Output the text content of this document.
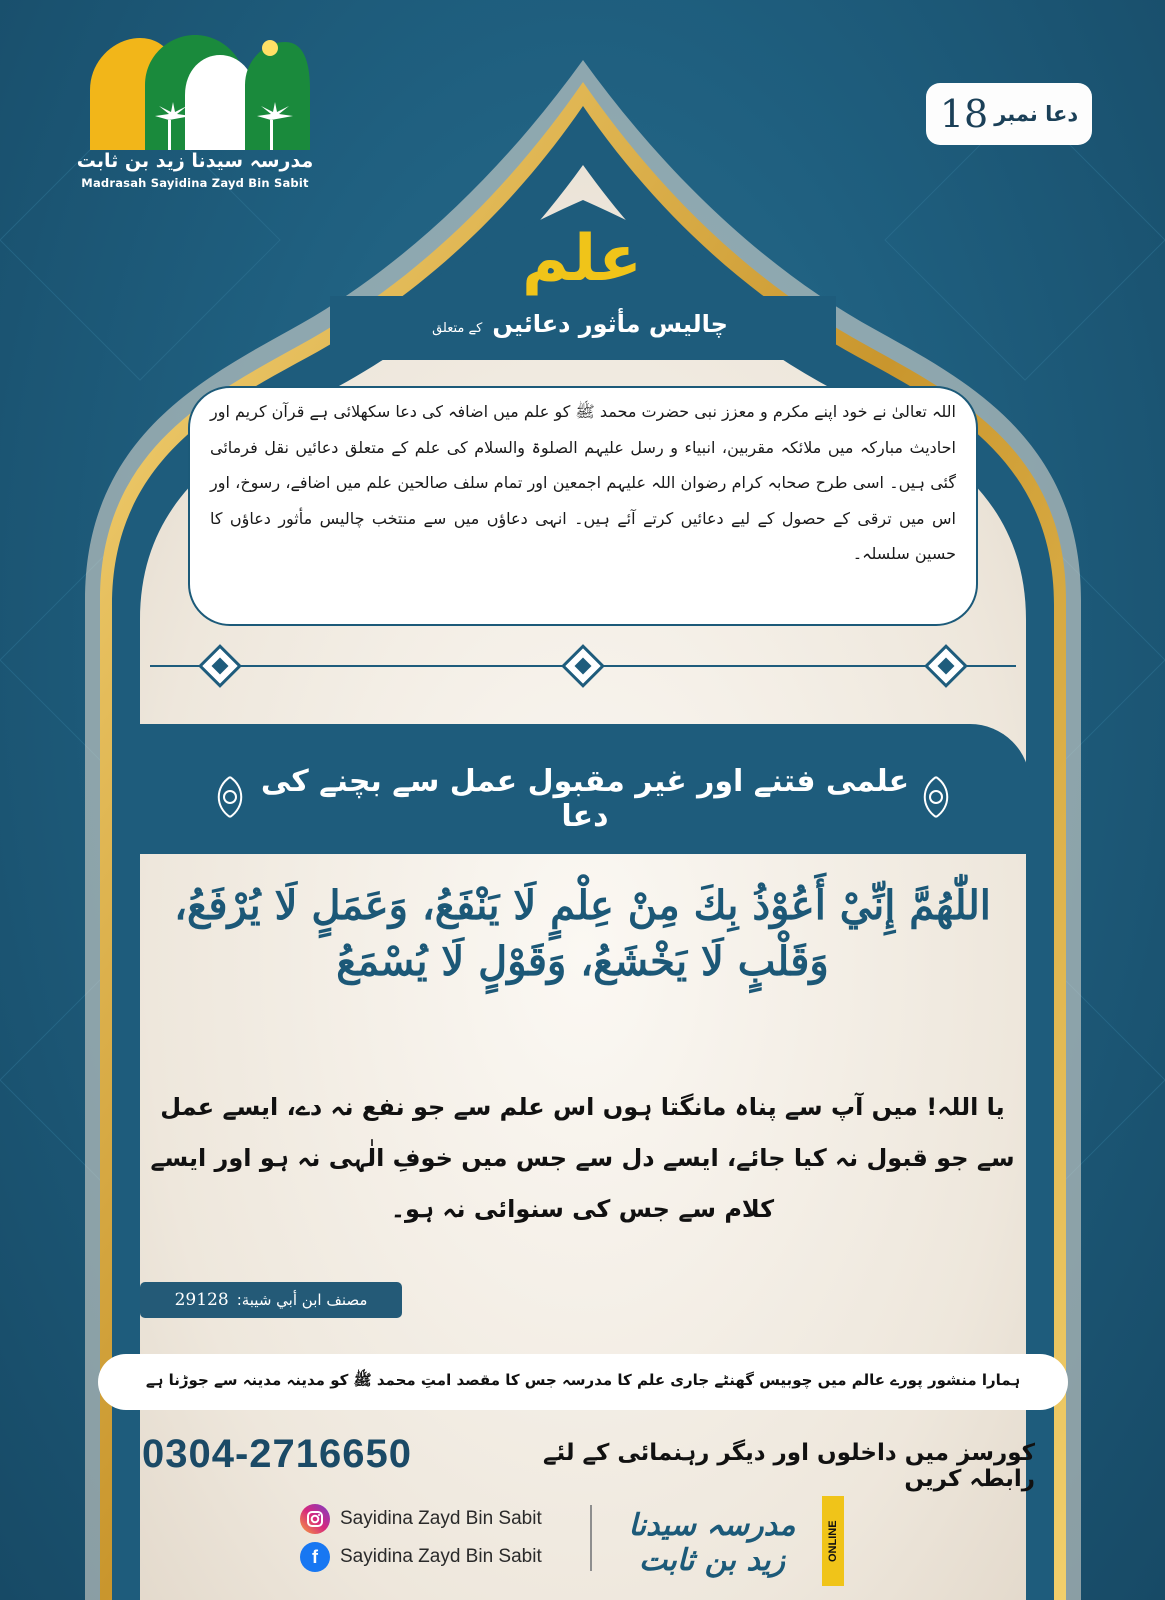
مدرسہ سیدنا زید بن ثابت
Madrasah Sayidina Zayd Bin Sabit
دعا نمبر
18
علم
چالیس مأثور دعائیں
کے متعلق
اللہ تعالیٰ نے خود اپنے مکرم و معزز نبی حضرت محمد ﷺ کو علم میں اضافہ کی دعا سکھلائی ہے قرآن کریم اور احادیث مبارکہ میں ملائکہ مقربین، انبیاء و رسل علیہم الصلوۃ والسلام کی علم کے متعلق دعائیں نقل فرمائی گئی ہیں۔ اسی طرح صحابہ کرام رضوان اللہ علیہم اجمعین اور تمام سلف صالحین علم میں اضافے، رسوخ، اور اس میں ترقی کے حصول کے لیے دعائیں کرتے آئے ہیں۔ انہی دعاؤں میں سے منتخب چالیس مأثور دعاؤں کا حسین سلسلہ۔
علمی فتنے اور غیر مقبول عمل سے بچنے کی دعا
اللّٰهُمَّ إِنِّيْ أَعُوْذُ بِكَ مِنْ عِلْمٍ لَا يَنْفَعُ، وَعَمَلٍ لَا يُرْفَعُ، وَقَلْبٍ لَا يَخْشَعُ، وَقَوْلٍ لَا يُسْمَعُ
یا اللہ! میں آپ سے پناہ مانگتا ہوں اس علم سے جو نفع نہ دے، ایسے عمل سے جو قبول نہ کیا جائے، ایسے دل سے جس میں خوفِ الٰہی نہ ہو اور ایسے کلام سے جس کی سنوائی نہ ہو۔
مصنف ابن أبي شيبة:
29128
ہمارا منشور پورے عالم میں چوبیس گھنٹے جاری علم کا مدرسہ جس کا مقصد امتِ محمد ﷺ کو مدینہ مدینہ سے جوڑنا ہے
کورسز میں داخلوں اور دیگر رہنمائی کے لئے رابطہ کریں
0304-2716650
Sayidina Zayd Bin Sabit
f	Sayidina Zayd Bin Sabit
مدرسہ سیدنا زید بن ثابت	ONLINE
